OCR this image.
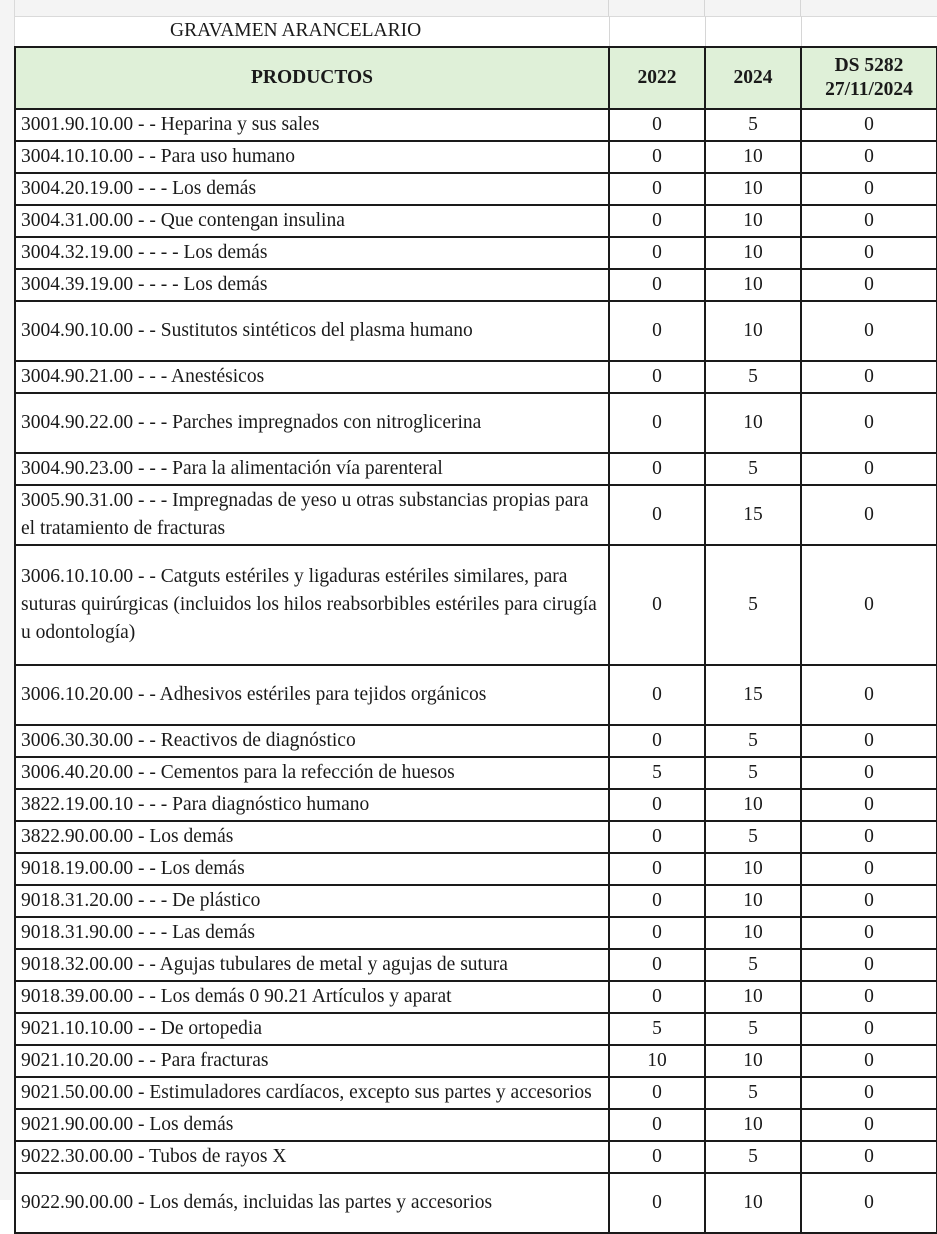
GRAVAMEN ARANCELARIO			
PRODUCTOS	2022	2024	DS 5282
27/11/2024

3001.90.10.00 - - Heparina y sus sales	0	5	0
3004.10.10.00 - - Para uso humano	0	10	0
3004.20.19.00 - - - Los demás	0	10	0
3004.31.00.00 - - Que contengan insulina	0	10	0
3004.32.19.00 - - - - Los demás	0	10	0
3004.39.19.00 - - - - Los demás	0	10	0
3004.90.10.00 - - Sustitutos sintéticos del plasma humano	0	10	0
3004.90.21.00 - - - Anestésicos	0	5	0
3004.90.22.00 - - - Parches impregnados con nitroglicerina	0	10	0
3004.90.23.00 - - - Para la alimentación vía parenteral	0	5	0
3005.90.31.00 - - - Impregnadas de yeso u otras substancias propias para el tratamiento de fracturas	0	15	0
3006.10.10.00 - - Catguts estériles y ligaduras estériles similares, para suturas quirúrgicas (incluidos los hilos reabsorbibles estériles para cirugía u odontología)	0	5	0
3006.10.20.00 - - Adhesivos estériles para tejidos orgánicos	0	15	0
3006.30.30.00 - - Reactivos de diagnóstico	0	5	0
3006.40.20.00 - - Cementos para la refección de huesos	5	5	0
3822.19.00.10 - - - Para diagnóstico humano	0	10	0
3822.90.00.00 - Los demás	0	5	0
9018.19.00.00 - - Los demás	0	10	0
9018.31.20.00 - - - De plástico	0	10	0
9018.31.90.00 - - - Las demás	0	10	0
9018.32.00.00 - - Agujas tubulares de metal y agujas de sutura	0	5	0
9018.39.00.00 - - Los demás 0 90.21 Artículos y aparat	0	10	0
9021.10.10.00 - - De ortopedia	5	5	0
9021.10.20.00 - - Para fracturas	10	10	0
9021.50.00.00 - Estimuladores cardíacos, excepto sus partes y accesorios	0	5	0
9021.90.00.00 - Los demás	0	10	0
9022.30.00.00 - Tubos de rayos X	0	5	0
9022.90.00.00 - Los demás, incluidas las partes y accesorios	0	10	0
